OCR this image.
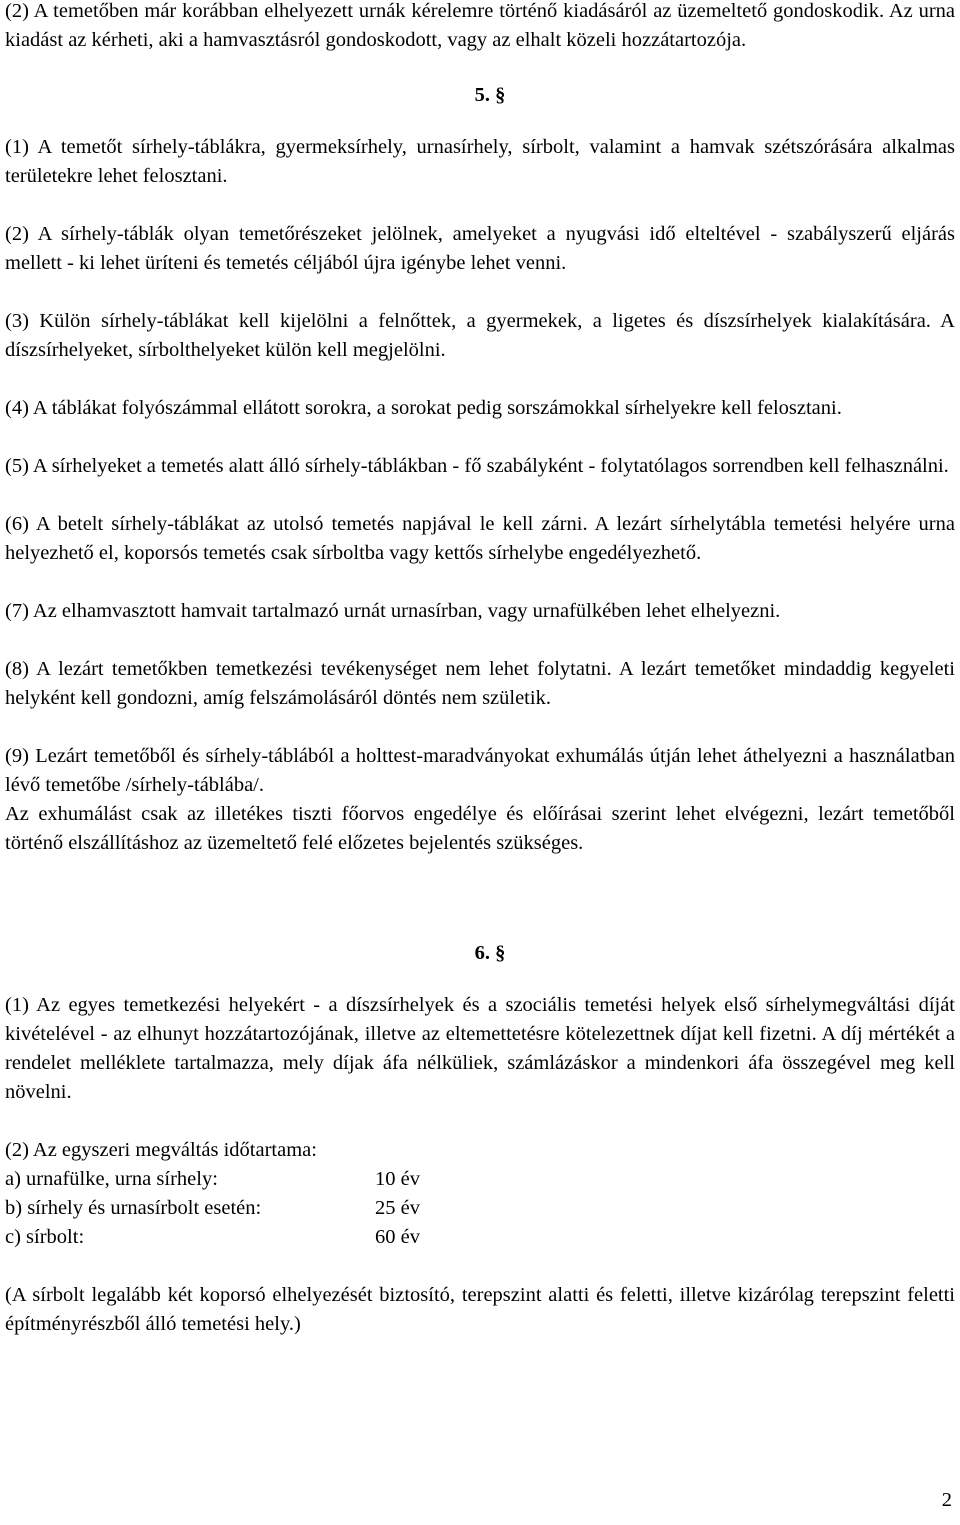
(2) A temetőben már korábban elhelyezett urnák kérelemre történő kiadásáról az üzemeltető gondoskodik. Az urna kiadást az kérheti, aki a hamvasztásról gondoskodott, vagy az elhalt közeli hozzátartozója.

5. §

(1) A temetőt sírhely-táblákra, gyermeksírhely, urnasírhely, sírbolt, valamint a hamvak szétszórására alkalmas területekre lehet felosztani.

(2) A sírhely-táblák olyan temetőrészeket jelölnek, amelyeket a nyugvási idő elteltével - szabályszerű eljárás mellett - ki lehet üríteni és temetés céljából újra igénybe lehet venni.

(3) Külön sírhely-táblákat kell kijelölni a felnőttek, a gyermekek, a ligetes és díszsírhelyek kialakítására. A díszsírhelyeket, sírbolthelyeket külön kell megjelölni.

(4) A táblákat folyószámmal ellátott sorokra, a sorokat pedig sorszámokkal sírhelyekre kell felosztani.

(5) A sírhelyeket a temetés alatt álló sírhely-táblákban - fő szabályként - folytatólagos sorrendben kell felhasználni.

(6) A betelt sírhely-táblákat az utolsó temetés napjával le kell zárni. A lezárt sírhelytábla temetési helyére urna helyezhető el, koporsós temetés csak sírboltba vagy kettős sírhelybe engedélyezhető.

(7) Az elhamvasztott hamvait tartalmazó urnát urnasírban, vagy urnafülkében lehet elhelyezni.

(8) A lezárt temetőkben temetkezési tevékenységet nem lehet folytatni. A lezárt temetőket mindaddig kegyeleti helyként kell gondozni, amíg felszámolásáról döntés nem születik.

(9) Lezárt temetőből és sírhely-táblából a holttest-maradványokat exhumálás útján lehet áthelyezni a használatban lévő temetőbe /sírhely-táblába/.

Az exhumálást csak az illetékes tiszti főorvos engedélye és előírásai szerint lehet elvégezni, lezárt temetőből történő elszállításhoz az üzemeltető felé előzetes bejelentés szükséges.

6. §

(1) Az egyes temetkezési helyekért - a díszsírhelyek és a szociális temetési helyek első sírhelymegváltási díját kivételével - az elhunyt hozzátartozójának, illetve az eltemettetésre kötelezettnek díjat kell fizetni. A díj mértékét a rendelet melléklete tartalmazza, mely díjak áfa nélküliek, számlázáskor a mindenkori áfa összegével meg kell növelni.

(2) Az egyszeri megváltás időtartama:

a) urnafülke, urna sírhely:	10 év
b) sírhely és urnasírbolt esetén:	25 év
c) sírbolt:	60 év

(A sírbolt legalább két koporsó elhelyezését biztosító, terepszint alatti és feletti, illetve kizárólag terepszint feletti építményrészből álló temetési hely.)

2
